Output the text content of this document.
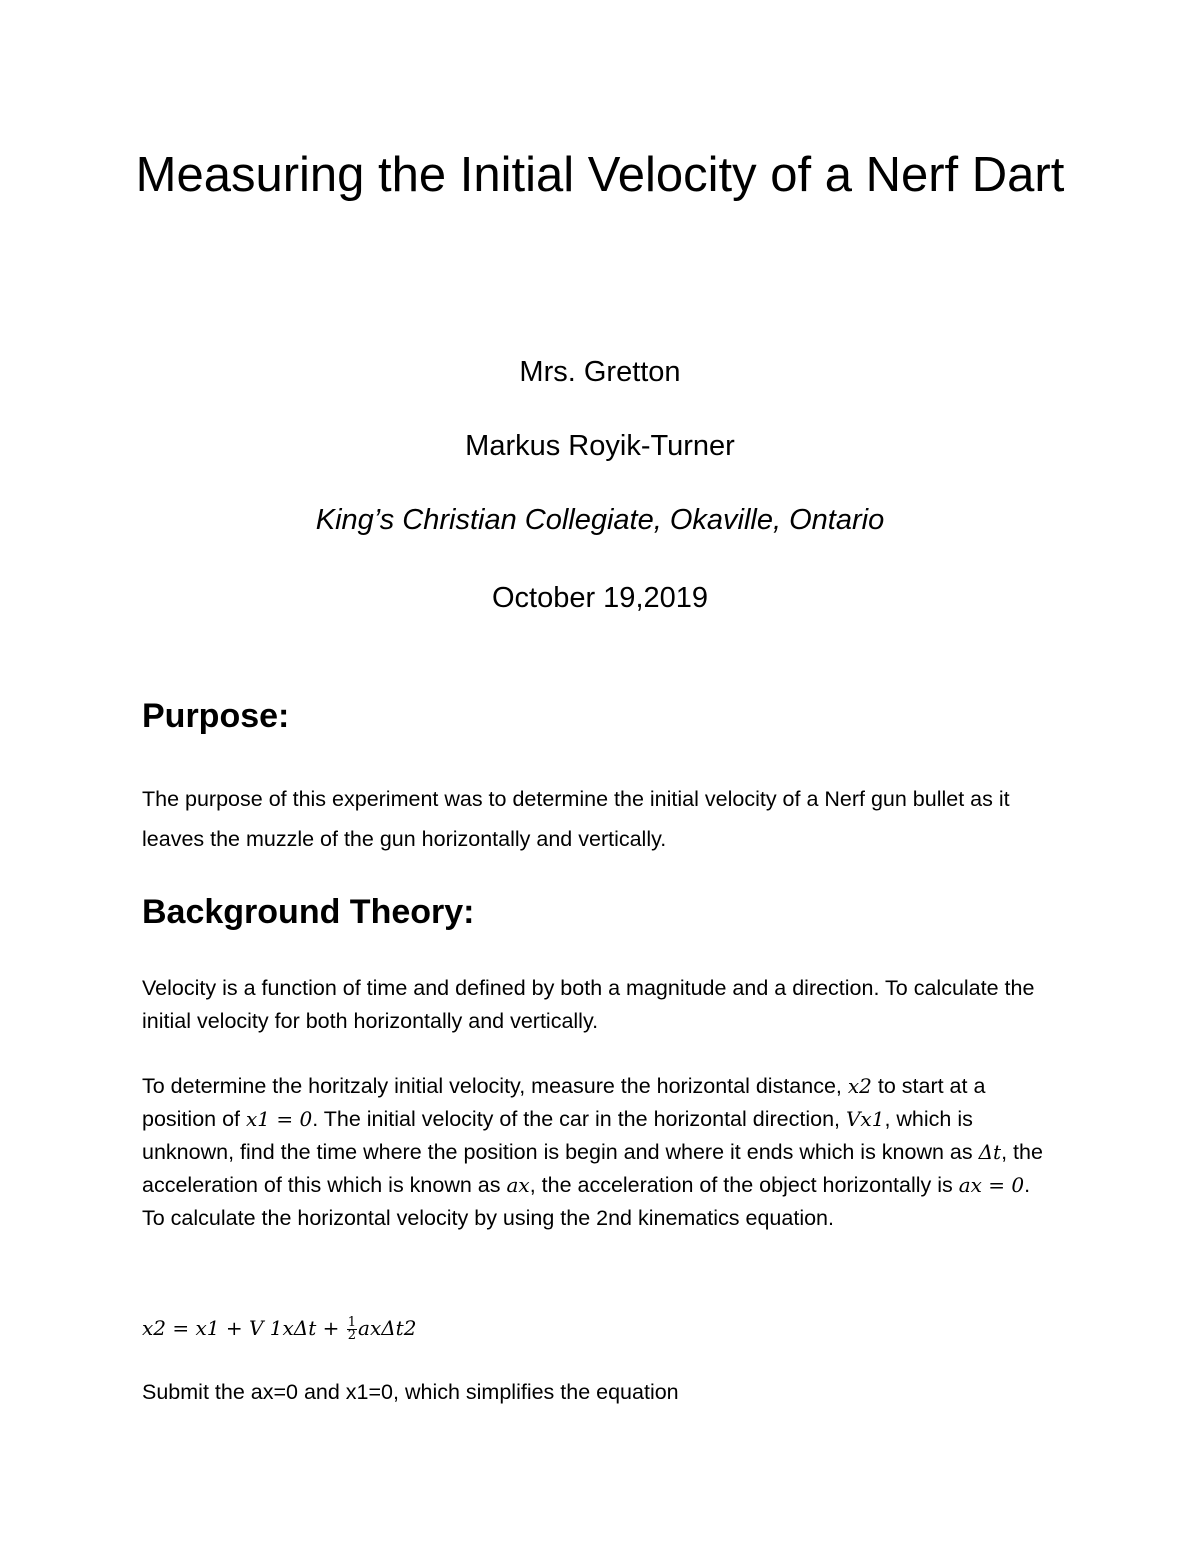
Measuring the Initial Velocity of a Nerf Dart

Mrs. Gretton

Markus Royik-Turner

King’s Christian Collegiate, Okaville, Ontario

October 19,2019

Purpose:

The purpose of this experiment was to determine the initial velocity of a Nerf gun bullet as it leaves the muzzle of the gun horizontally and vertically.

Background Theory:

Velocity is a function of time and defined by both a magnitude and a direction. To calculate the initial velocity for both horizontally and vertically.

To determine the horitzaly initial velocity, measure the horizontal distance, x2 to start at a position of x1 = 0. The initial velocity of the car in the horizontal direction, Vx1, which is unknown, find the time where the position is begin and where it ends which is known as Δt, the acceleration of this which is known as ax, the acceleration of the object horizontally is ax = 0. To calculate the horizontal velocity by using the 2nd kinematics equation.

x2 = x1 + V $1x\Delta t + \frac{1}{2} ax\Delta t2$

Submit the ax=0 and x1=0, which simplifies the equation
